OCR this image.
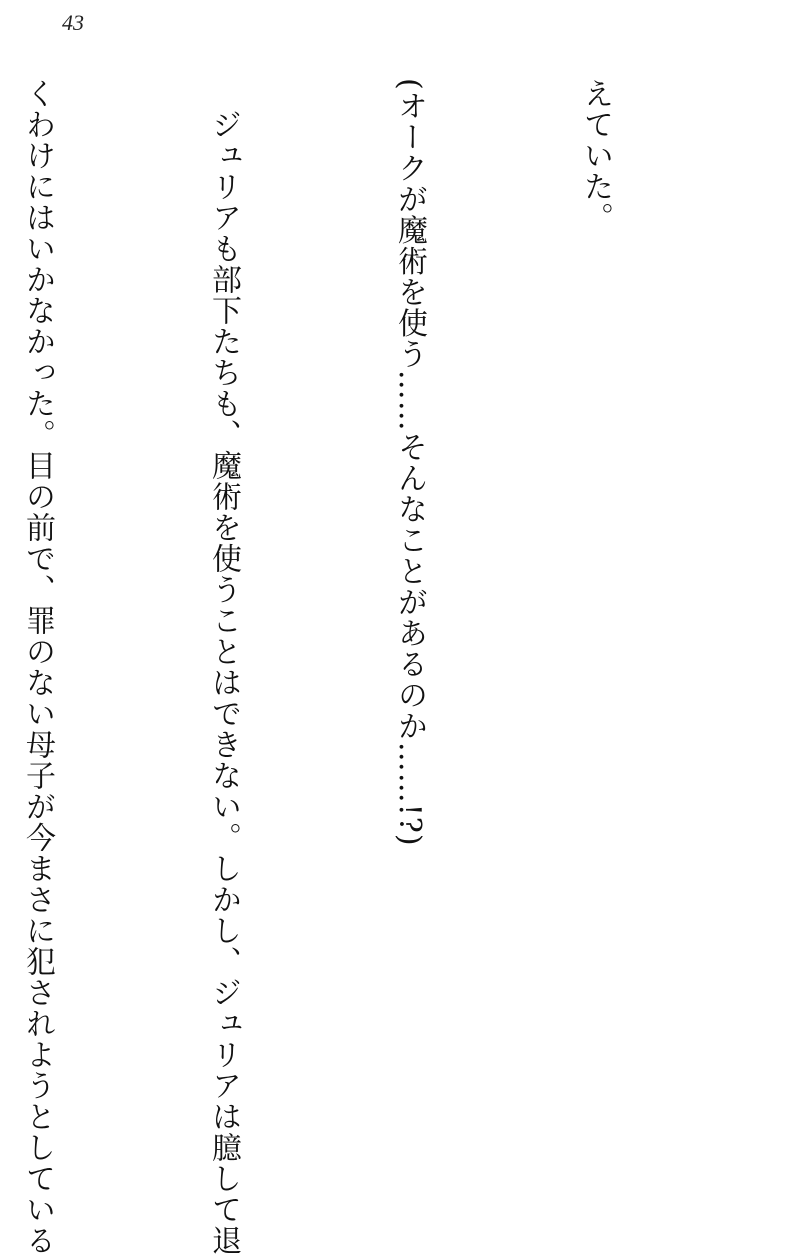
43

えていた。

(オークが魔術を使う……そんなことがあるのか……!?)

　ジュリアも部下たちも、魔術を使うことはできない。しかし、ジュリアは臆して退

くわけにはいかなかった。目の前で、罪のない母子が今まさに犯されようとしている
